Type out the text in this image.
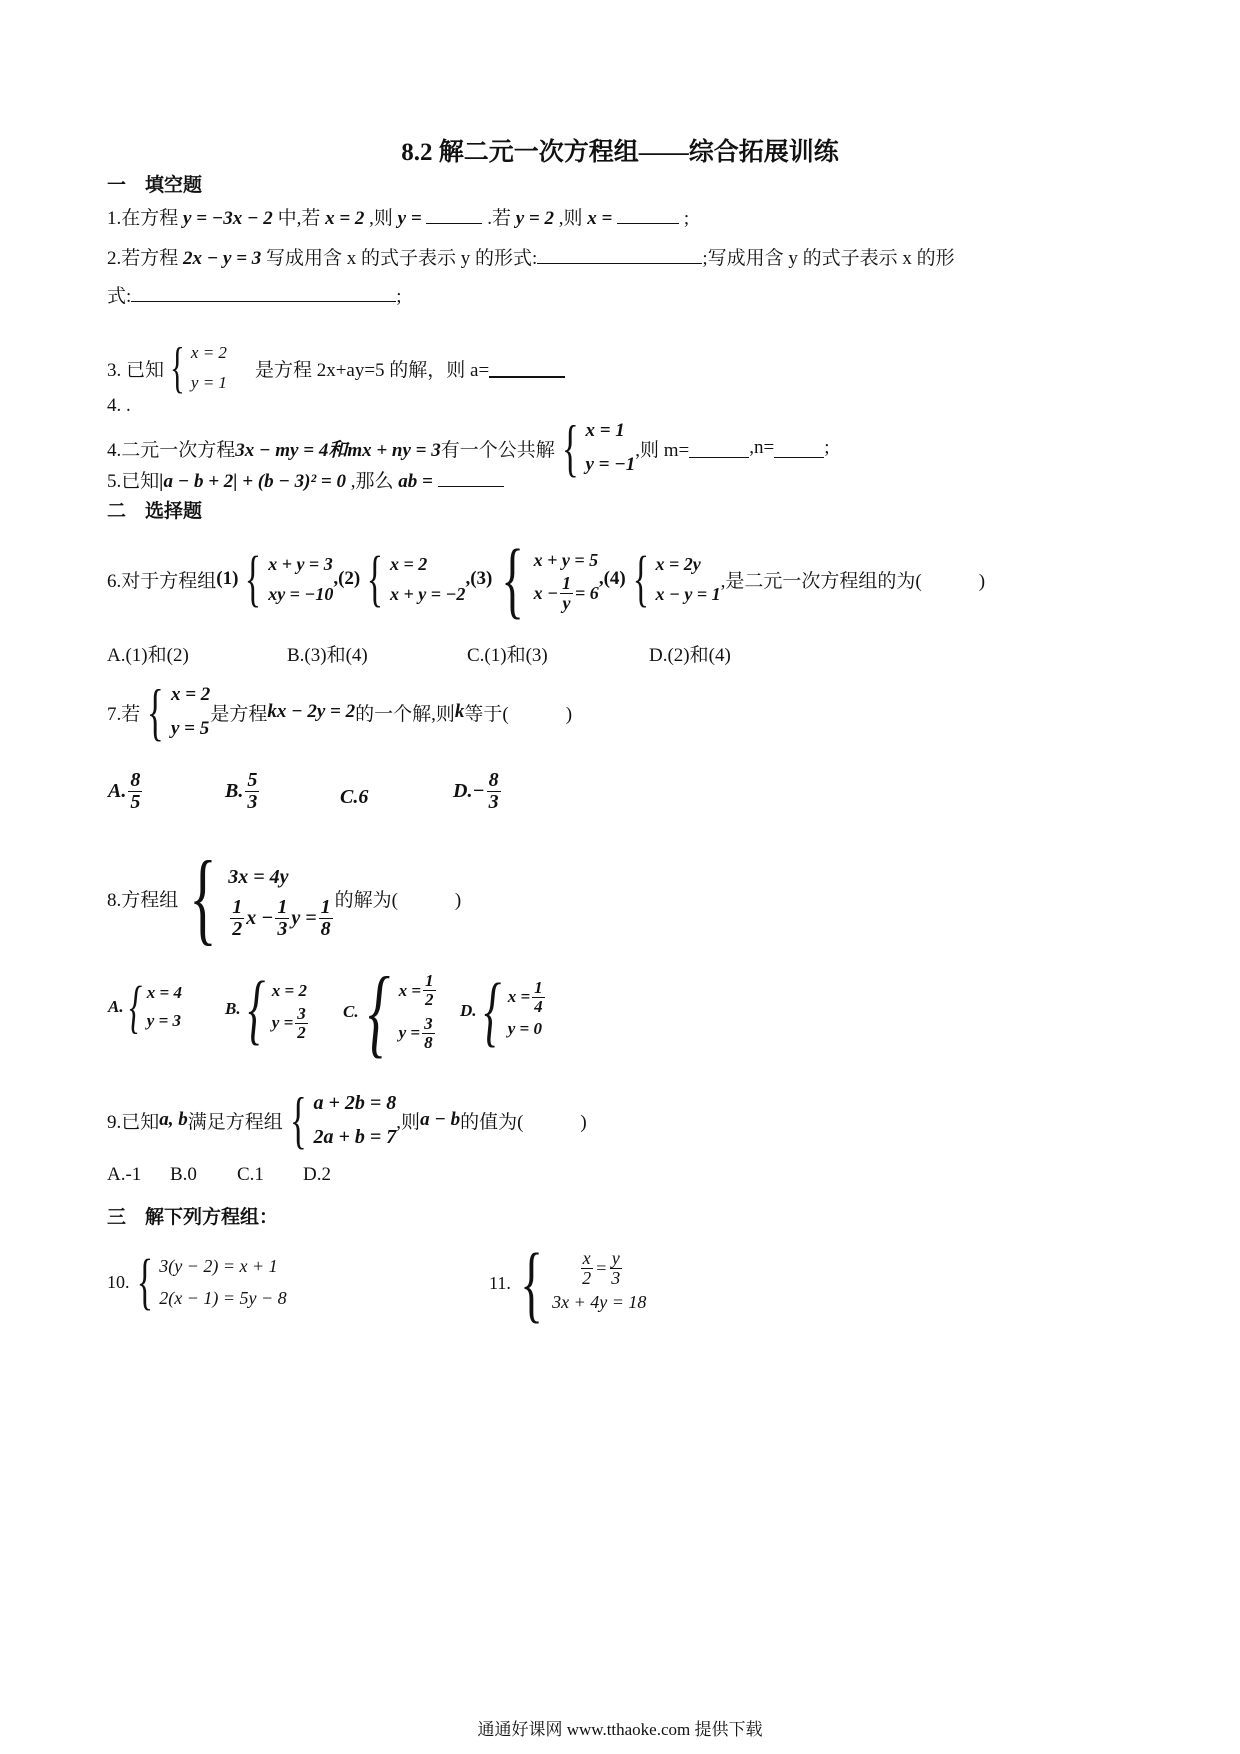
8.2 解二元一次方程组——综合拓展训练
一　填空题
1.在方程 y = −3x − 2 中,若 x = 2 ,则 y =	.若 y = 2 ,则 x =	;
2.若方程 2x − y = 3 写成用含 x 的式子表示 y 的形式:	;写成用含 y 的式子表示 x 的形
式:	;
3. 已知 { x = 2
y = 1
是方程 2x+ay=5 的解，则 a=
4. .
4.二元一次方程 3x − my = 4和mx + ny = 3 有一个公共解 { x = 1
y = −1
,则 m=	,n=	;
5.已知|a − b + 2| + (b − 3)² = 0 ,那么 ab =
二　选择题
6.对于方程组 (1) { x + y = 3
xy = −10
,(2) { x = 2
x + y = −2
,(3) { x + y = 5
$x - \frac{1}{y} = 6$
,(4) { x = 2y
x − y = 1
,是二元一次方程组的为(　　　)
A.(1)和(2)	B.(3)和(4)	C.(1)和(3)	D.(2)和(4)
7.若 { x = 2
y = 5
是方程 kx − 2y = 2 的一个解,则 k 等于(　　　)
A. $\frac{8}{5}$	B. $\frac{5}{3}$	C.6	$D.- \frac{8}{3}$
8.方程组 { 3x = 4y
$\frac{1}{2}$ $x - \frac{1}{3}$ $y = \frac{1}{8}$ 的解为(　　　)
A. { x = 4
y = 3
B. { x = 2
$y = \frac{3}{2} C$. { $x = \frac{1}{2}$
$y = \frac{3}{8}$
D. { $x = \frac{1}{4}$
y = 0
9.已知 a, b 满足方程组 { a + 2b = 8
2a + b = 7
,则 a − b 的值为(　　　)
A.-1 B.0 C.1 D.2
三　解下列方程组：
10. { 3(y − 2) = x + 1
2(x − 1) = 5y − 8
11. { $\frac{x}{2} = \frac{y}{3}$
3x + 4y = 18
通通好课网 www.tthaoke.com 提供下载
